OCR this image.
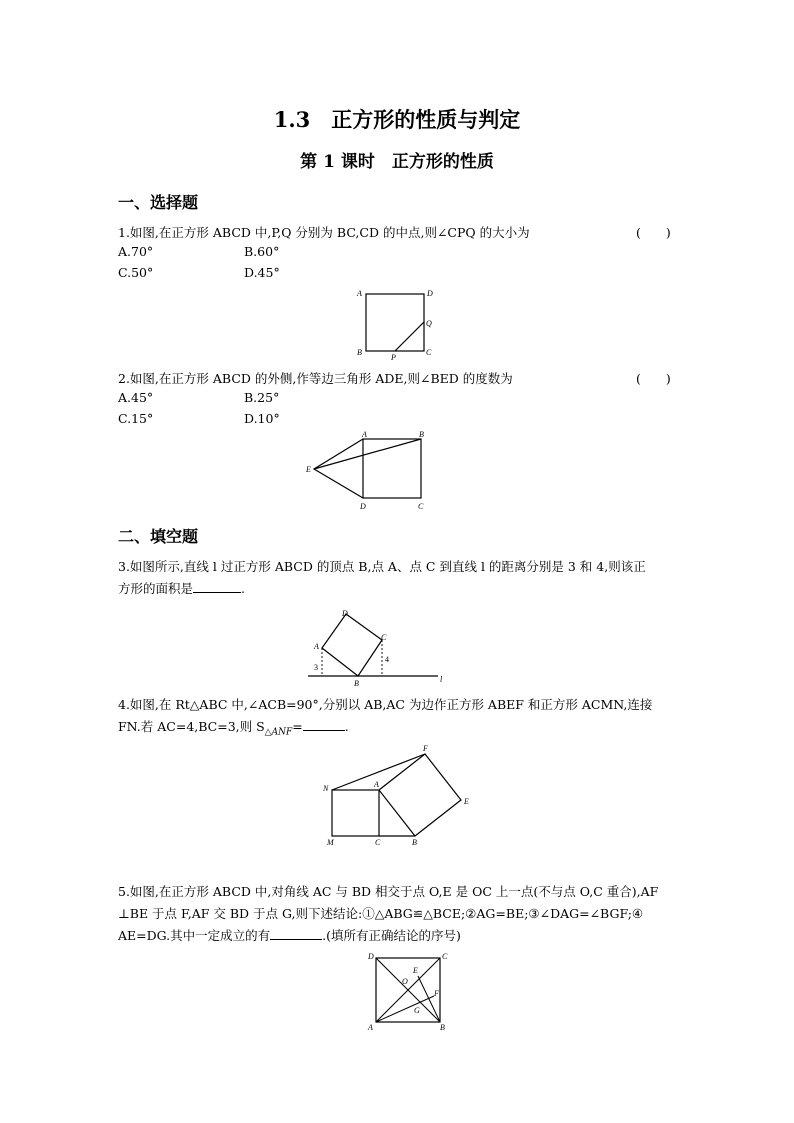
1.3　正方形的性质与判定
第 1 课时　正方形的性质
一、选择题
1.如图,在正方形 ABCD 中,P,Q 分别为 BC,CD 的中点,则∠CPQ 的大小为	(　　)
A.70°	B.60°
C.50°	D.45°
A	D
B	C
P
Q
2.如图,在正方形 ABCD 的外侧,作等边三角形 ADE,则∠BED 的度数为	(　　)
A.45°	B.25°
C.15°	D.10°
A	B
D	C
E
二、填空题
3.如图所示,直线 l 过正方形 ABCD 的顶点 B,点 A、点 C 到直线 l 的距离分别是 3 和 4,则该正
方形的面积是	.
D
A
C
B	l
3
4
4.如图,在 Rt△ABC 中,∠ACB=90°,分别以 AB,AC 为边作正方形 ABEF 和正方形 ACMN,连接
FN.若 AC=4,BC=3,则 $S_{\triangle ANF}=$	.
F
N	A
E
M	C	B
5.如图,在正方形 ABCD 中,对角线 AC 与 BD 相交于点 O,E 是 OC 上一点(不与点 O,C 重合),AF
⊥BE 于点 F,AF 交 BD 于点 G,则下述结论:①△ABG≌△BCE;②AG=BE;③∠DAG=∠BGF;④
AE=DG.其中一定成立的有	.(填所有正确结论的序号)
D	C
A	B
E
O
F
G
